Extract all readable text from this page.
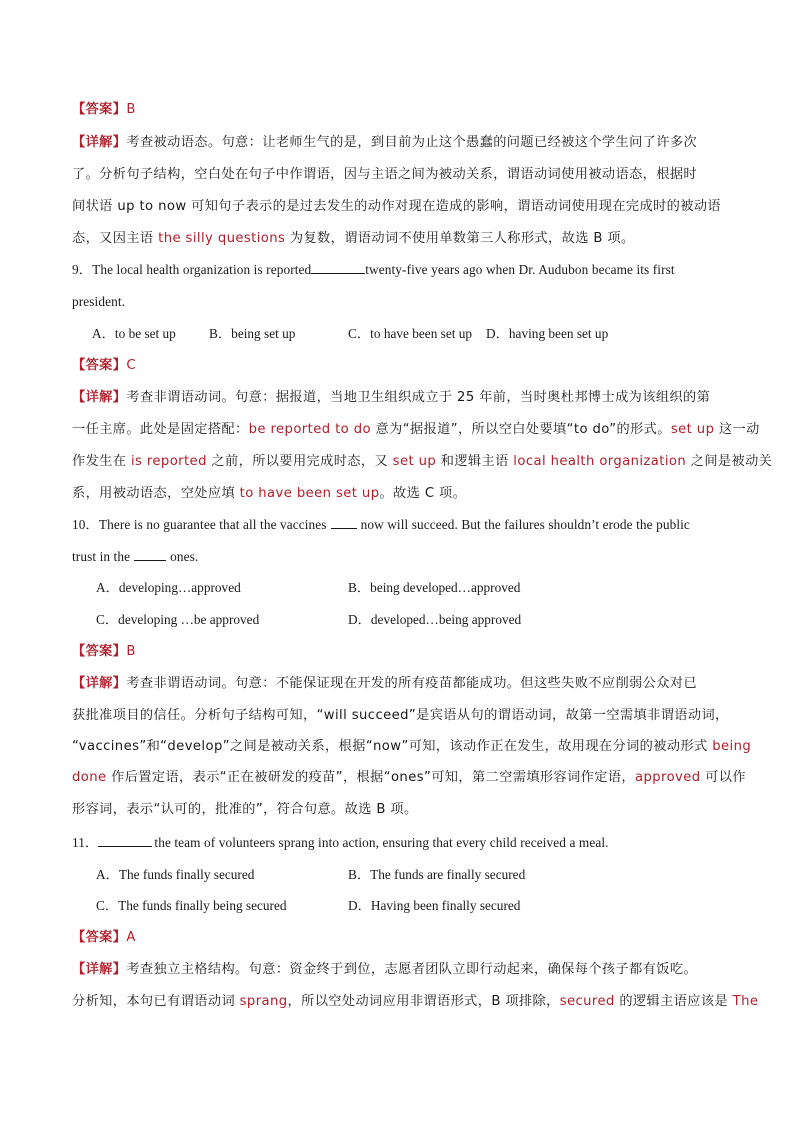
【答案】B
【详解】考查被动语态。句意：让老师生气的是，到目前为止这个愚蠢的问题已经被这个学生问了许多次
了。分析句子结构，空白处在句子中作谓语，因与主语之间为被动关系，谓语动词使用被动语态，根据时
间状语 up to now 可知句子表示的是过去发生的动作对现在造成的影响，谓语动词使用现在完成时的被动语
态，又因主语 the silly questions 为复数，谓语动词不使用单数第三人称形式，故选 B 项。
9．The local health organization is reported	twenty-five years ago when Dr. Audubon became its first
president.
A．to be set up B．being set up	C．to have been set up D．having been set up
【答案】C
【详解】考查非谓语动词。句意：据报道，当地卫生组织成立于 25 年前，当时奥杜邦博士成为该组织的第
一任主席。此处是固定搭配：be reported to do 意为“据报道”，所以空白处要填“to do”的形式。set up 这一动
作发生在 is reported 之前，所以要用完成时态，又 set up 和逻辑主语 local health organization 之间是被动关
系，用被动语态，空处应填 to have been set up。故选 C 项。
10．There is no guarantee that all the vaccines	now will succeed. But the failures shouldn’t erode the public
trust in the	ones.
A．developing…approved	B．being developed…approved
C．developing …be approved	D．developed…being approved
【答案】B
【详解】考查非谓语动词。句意：不能保证现在开发的所有疫苗都能成功。但这些失败不应削弱公众对已
获批准项目的信任。分析句子结构可知，“will succeed”是宾语从句的谓语动词，故第一空需填非谓语动词，
“vaccines”和“develop”之间是被动关系，根据“now”可知，该动作正在发生，故用现在分词的被动形式 being
done 作后置定语，表示“正在被研发的疫苗”，根据“ones”可知，第二空需填形容词作定语，approved 可以作
形容词，表示“认可的，批准的”，符合句意。故选 B 项。
11．	the team of volunteers sprang into action, ensuring that every child received a meal.
A．The funds finally secured	B．The funds are finally secured
C．The funds finally being secured	D．Having been finally secured
【答案】A
【详解】考查独立主格结构。句意：资金终于到位，志愿者团队立即行动起来，确保每个孩子都有饭吃。
分析知，本句已有谓语动词 sprang，所以空处动词应用非谓语形式，B 项排除，secured 的逻辑主语应该是 The
